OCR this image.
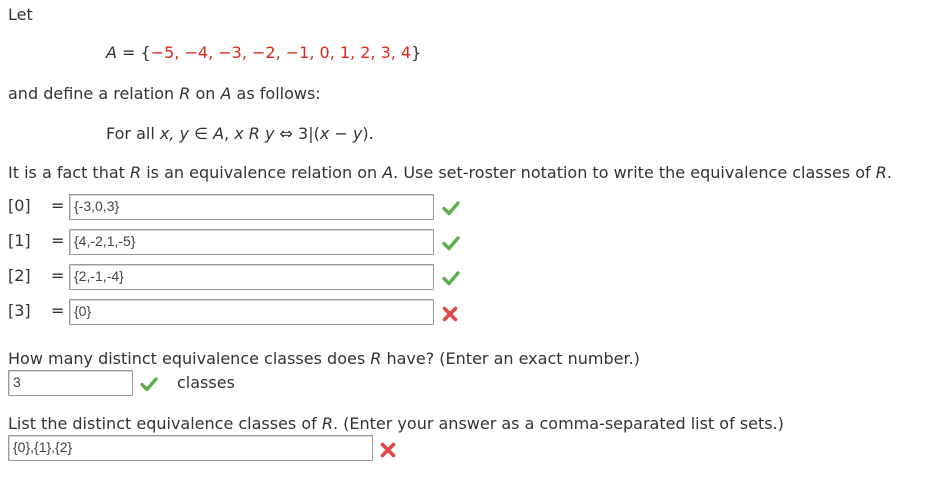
Let
A = {−5, −4, −3, −2, −1, 0, 1, 2, 3, 4}
and define a relation R on A as follows:
For all x, y ∈ A, x R y ⇔ 3|(x − y).
It is a fact that R is an equivalence relation on A. Use set-roster notation to write the equivalence classes of R.
[0] = {-3,0,3}
[1] = {4,-2,1,-5}
[2] = {2,-1,-4}
[3] = {0}
How many distinct equivalence classes does R have? (Enter an exact number.)
3	classes
List the distinct equivalence classes of R. (Enter your answer as a comma-separated list of sets.)
{0},{1},{2}
